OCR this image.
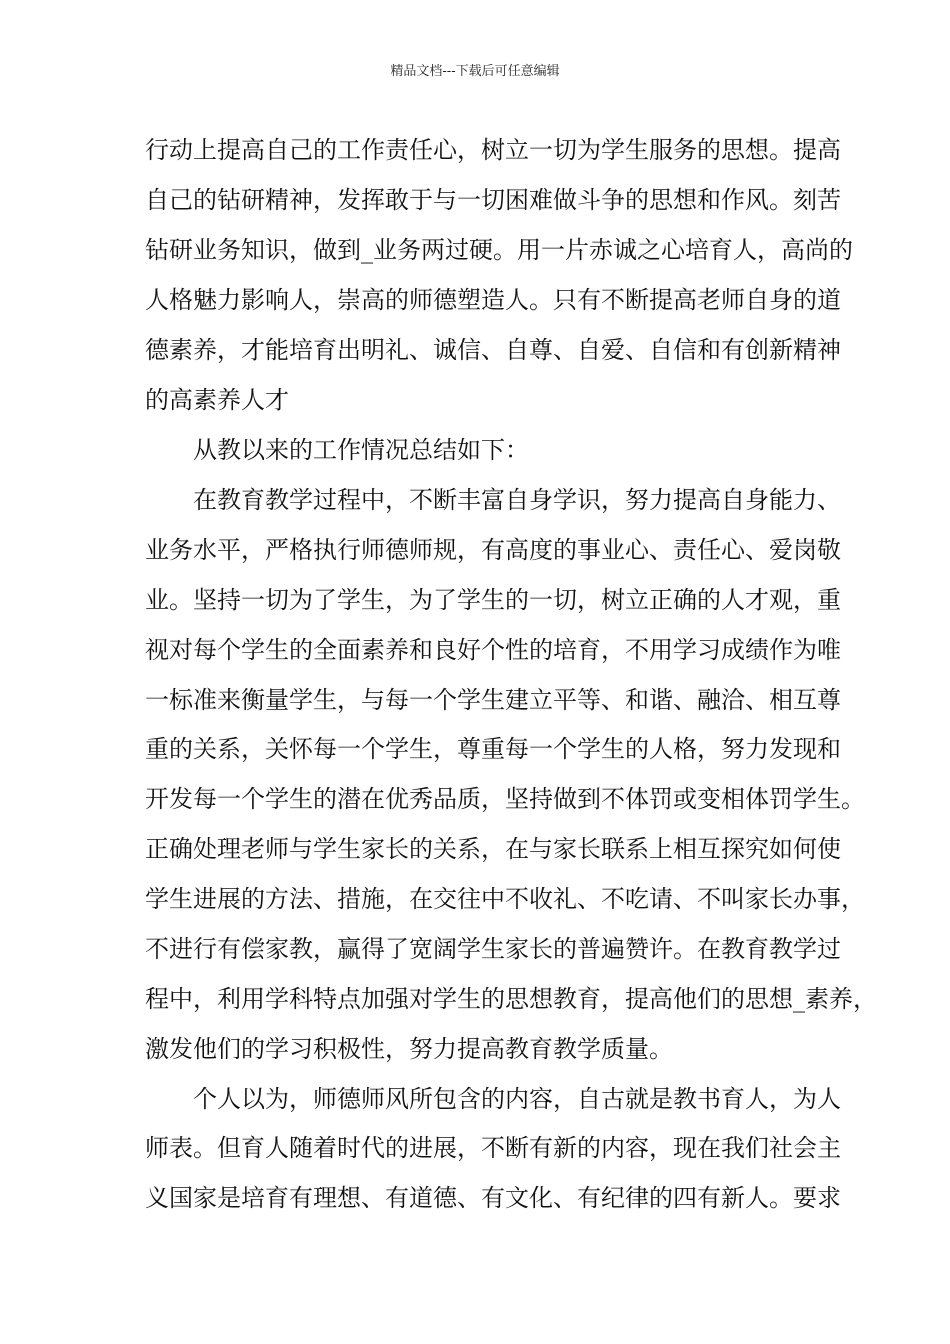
精品文档---下载后可任意编辑
行动上提高自己的工作责任心，树立一切为学生服务的思想。提高
自己的钻研精神，发挥敢于与一切困难做斗争的思想和作风。刻苦
钻研业务知识，做到_业务两过硬。用一片赤诚之心培育人，高尚的
人格魅力影响人，崇高的师德塑造人。只有不断提高老师自身的道
德素养，才能培育出明礼、诚信、自尊、自爱、自信和有创新精神
的高素养人才
　　从教以来的工作情况总结如下：
　　在教育教学过程中，不断丰富自身学识，努力提高自身能力、
业务水平，严格执行师德师规，有高度的事业心、责任心、爱岗敬
业。坚持一切为了学生，为了学生的一切，树立正确的人才观，重
视对每个学生的全面素养和良好个性的培育，不用学习成绩作为唯
一标准来衡量学生，与每一个学生建立平等、和谐、融洽、相互尊
重的关系，关怀每一个学生，尊重每一个学生的人格，努力发现和
开发每一个学生的潜在优秀品质，坚持做到不体罚或变相体罚学生。
正确处理老师与学生家长的关系，在与家长联系上相互探究如何使
学生进展的方法、措施，在交往中不收礼、不吃请、不叫家长办事，
不进行有偿家教，赢得了宽阔学生家长的普遍赞许。在教育教学过
程中，利用学科特点加强对学生的思想教育，提高他们的思想_素养，
激发他们的学习积极性，努力提高教育教学质量。
　　个人以为，师德师风所包含的内容，自古就是教书育人，为人
师表。但育人随着时代的进展，不断有新的内容，现在我们社会主
义国家是培育有理想、有道德、有文化、有纪律的四有新人。要求
